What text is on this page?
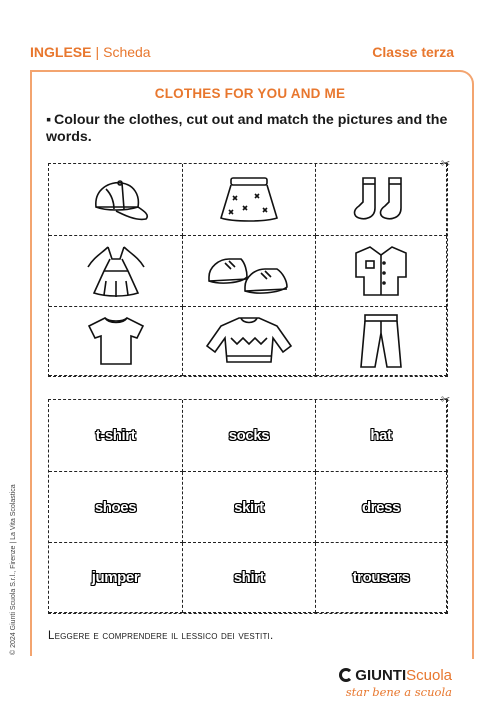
INGLESE | Scheda	Classe terza
CLOTHES FOR YOU AND ME
▪ Colour the clothes, cut out and match the pictures and the words.
✂
t-shirt	socks	hat
shoes	skirt	dress
jumper	shirt	trousers
✂
Leggere e comprendere il lessico dei vestiti.
© 2024 Giunti Scuola S.r.l., Firenze | La Vita Scolastica
GIUNTIScuola
star bene a scuola
